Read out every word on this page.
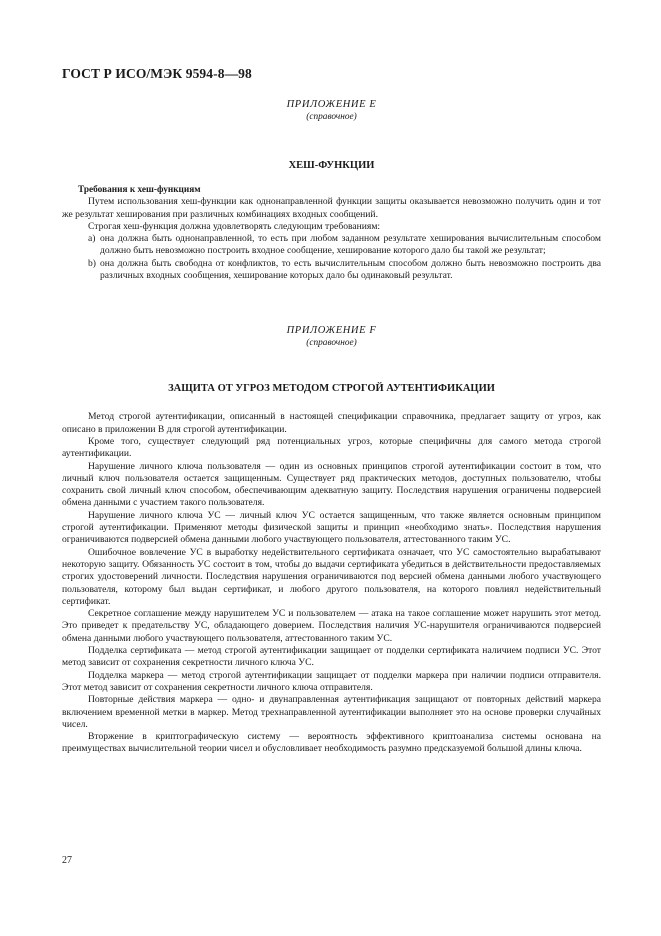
ГОСТ Р ИСО/МЭК 9594-8—98
ПРИЛОЖЕНИЕ Е
(справочное)
ХЕШ-ФУНКЦИИ
Требования к хеш-функциям

Путем использования хеш-функции как однонаправленной функции защиты оказывается невозможно получить один и тот же результат хеширования при различных комбинациях входных сообщений.

Строгая хеш-функция должна удовлетворять следующим требованиям:

а) она должна быть однонаправленной, то есть при любом заданном результате хеширования вычислительным способом должно быть невозможно построить входное сообщение, хеширование которого дало бы такой же результат;

b) она должна быть свободна от конфликтов, то есть вычислительным способом должно быть невозможно построить два различных входных сообщения, хеширование которых дало бы одинаковый результат.

ПРИЛОЖЕНИЕ F
(справочное)
ЗАЩИТА ОТ УГРОЗ МЕТОДОМ СТРОГОЙ АУТЕНТИФИКАЦИИ

Метод строгой аутентификации, описанный в настоящей спецификации справочника, предлагает защиту от угроз, как описано в приложении В для строгой аутентификации.

Кроме того, существует следующий ряд потенциальных угроз, которые специфичны для самого метода строгой аутентификации.

Нарушение личного ключа пользователя — один из основных принципов строгой аутентификации состоит в том, что личный ключ пользователя остается защищенным. Существует ряд практических методов, доступных пользователю, чтобы сохранить свой личный ключ способом, обеспечивающим адекватную защиту. Последствия нарушения ограничены подверсией обмена данными с участием такого пользователя.

Нарушение личного ключа УС — личный ключ УС остается защищенным, что также является основным принципом строгой аутентификации. Применяют методы физической защиты и принцип «необходимо знать». Последствия нарушения ограничиваются подверсией обмена данными любого участвующего пользователя, аттестованного таким УС.

Ошибочное вовлечение УС в выработку недействительного сертификата означает, что УС самостоятельно вырабатывают некоторую защиту. Обязанность УС состоит в том, чтобы до выдачи сертификата убедиться в действительности предоставляемых строгих удостоверений личности. Последствия нарушения ограничиваются под версией обмена данными любого участвующего пользователя, которому был выдан сертификат, и любого другого пользователя, на которого повлиял недействительный сертификат.

Секретное соглашение между нарушителем УС и пользователем — атака на такое соглашение может нарушить этот метод. Это приведет к предательству УС, обладающего доверием. Последствия наличия УС-нарушителя ограничиваются подверсией обмена данными любого участвующего пользователя, аттестованного таким УС.

Подделка сертификата — метод строгой аутентификации защищает от подделки сертификата наличием подписи УС. Этот метод зависит от сохранения секретности личного ключа УС.

Подделка маркера — метод строгой аутентификации защищает от подделки маркера при наличии подписи отправителя. Этот метод зависит от сохранения секретности личного ключа отправителя.

Повторные действия маркера — одно- и двунаправленная аутентификация защищают от повторных действий маркера включением временной метки в маркер. Метод трехнаправленной аутентификации выполняет это на основе проверки случайных чисел.

Вторжение в криптографическую систему — вероятность эффективного криптоанализа системы основана на преимуществах вычислительной теории чисел и обусловливает необходимость разумно предсказуемой большой длины ключа.

27
